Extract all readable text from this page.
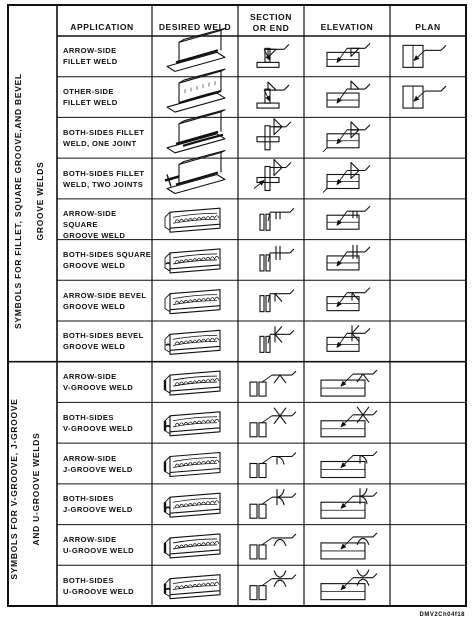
APPLICATION	DESIRED WELD
SECTION
OR END	ELEVATION	PLAN
ARROW-SIDE
FILLET WELD
OTHER-SIDE
FILLET WELD
BOTH-SIDES FILLET
WELD, ONE JOINT
BOTH-SIDES FILLET
WELD, TWO JOINTS
ARROW-SIDE SQUARE
GROOVE WELD
BOTH-SIDES SQUARE
GROOVE WELD
ARROW-SIDE BEVEL
GROOVE WELD
BOTH-SIDES BEVEL
GROOVE WELD
ARROW-SIDE
V-GROOVE WELD
BOTH-SIDES
V-GROOVE WELD
ARROW-SIDE
J-GROOVE WELD
BOTH-SIDES
J-GROOVE WELD
ARROW-SIDE
U-GROOVE WELD
BOTH-SIDES
U-GROOVE WELD

SYMBOLS FOR FILLET, SQUARE GROOVE,AND BEVEL GROOVE WELDS

SYMBOLS FOR V-GROOVE, J-GROOVE AND U-GROOVE WELDS

DMV2Ch04f18
